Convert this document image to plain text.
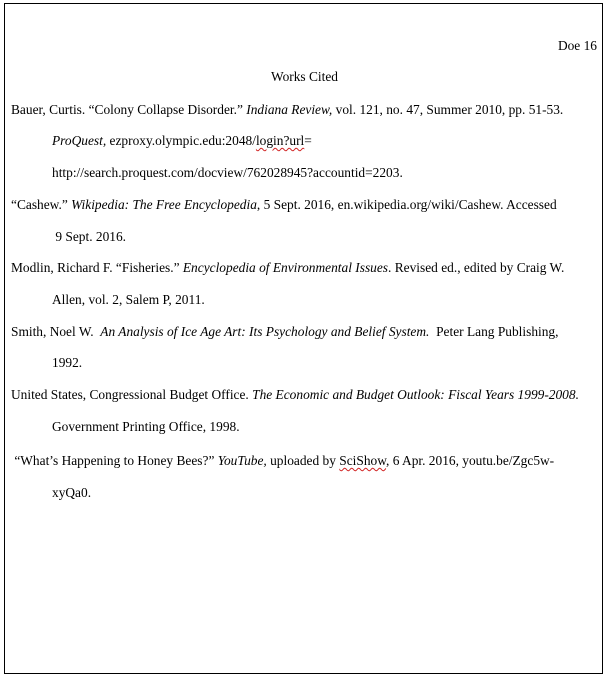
Doe 16
Works Cited
Bauer, Curtis. “Colony Collapse Disorder.” Indiana Review, vol. 121, no. 47, Summer 2010, pp. 51-53.
ProQuest, ezproxy.olympic.edu:2048/login?url=
http://search.proquest.com/docview/762028945?accountid=2203.
“Cashew.” Wikipedia: The Free Encyclopedia, 5 Sept. 2016, en.wikipedia.org/wiki/Cashew. Accessed
9 Sept. 2016.
Modlin, Richard F. “Fisheries.” Encyclopedia of Environmental Issues. Revised ed., edited by Craig W.
Allen, vol. 2, Salem P, 2011.
Smith, Noel W.  An Analysis of Ice Age Art: Its Psychology and Belief System.  Peter Lang Publishing,
1992.
United States, Congressional Budget Office. The Economic and Budget Outlook: Fiscal Years 1999-2008.
Government Printing Office, 1998.
“What’s Happening to Honey Bees?” YouTube, uploaded by SciShow, 6 Apr. 2016, youtu.be/Zgc5w-
xyQa0.
